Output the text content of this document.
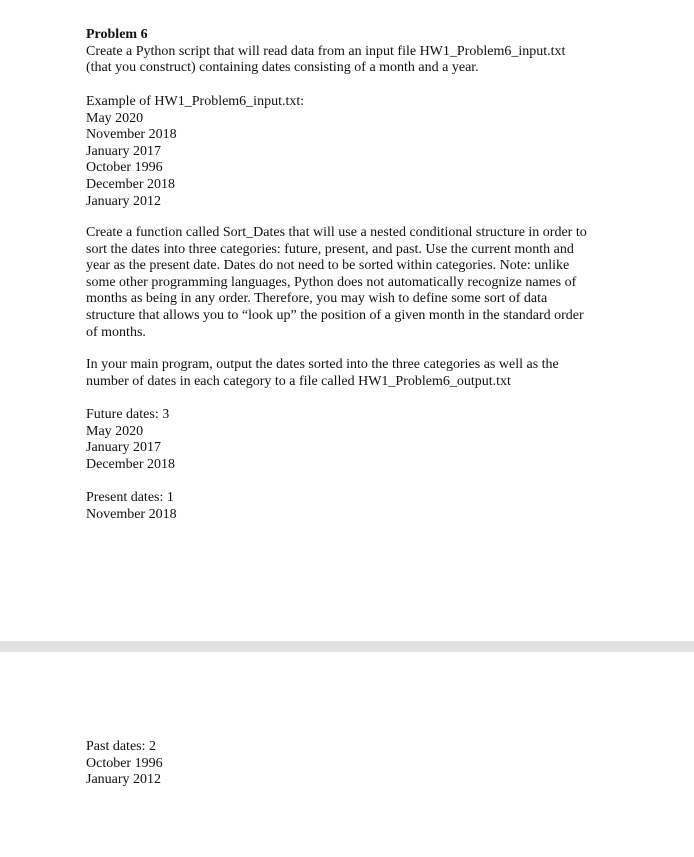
Problem 6
Create a Python script that will read data from an input file HW1_Problem6_input.txt
(that you construct) containing dates consisting of a month and a year.
Example of HW1_Problem6_input.txt:
May 2020
November 2018
January 2017
October 1996
December 2018
January 2012
Create a function called Sort_Dates that will use a nested conditional structure in order to
sort the dates into three categories: future, present, and past. Use the current month and
year as the present date. Dates do not need to be sorted within categories. Note: unlike
some other programming languages, Python does not automatically recognize names of
months as being in any order. Therefore, you may wish to define some sort of data
structure that allows you to “look up” the position of a given month in the standard order
of months.
In your main program, output the dates sorted into the three categories as well as the
number of dates in each category to a file called HW1_Problem6_output.txt
Future dates: 3
May 2020
January 2017
December 2018
Present dates: 1
November 2018
Past dates: 2
October 1996
January 2012
